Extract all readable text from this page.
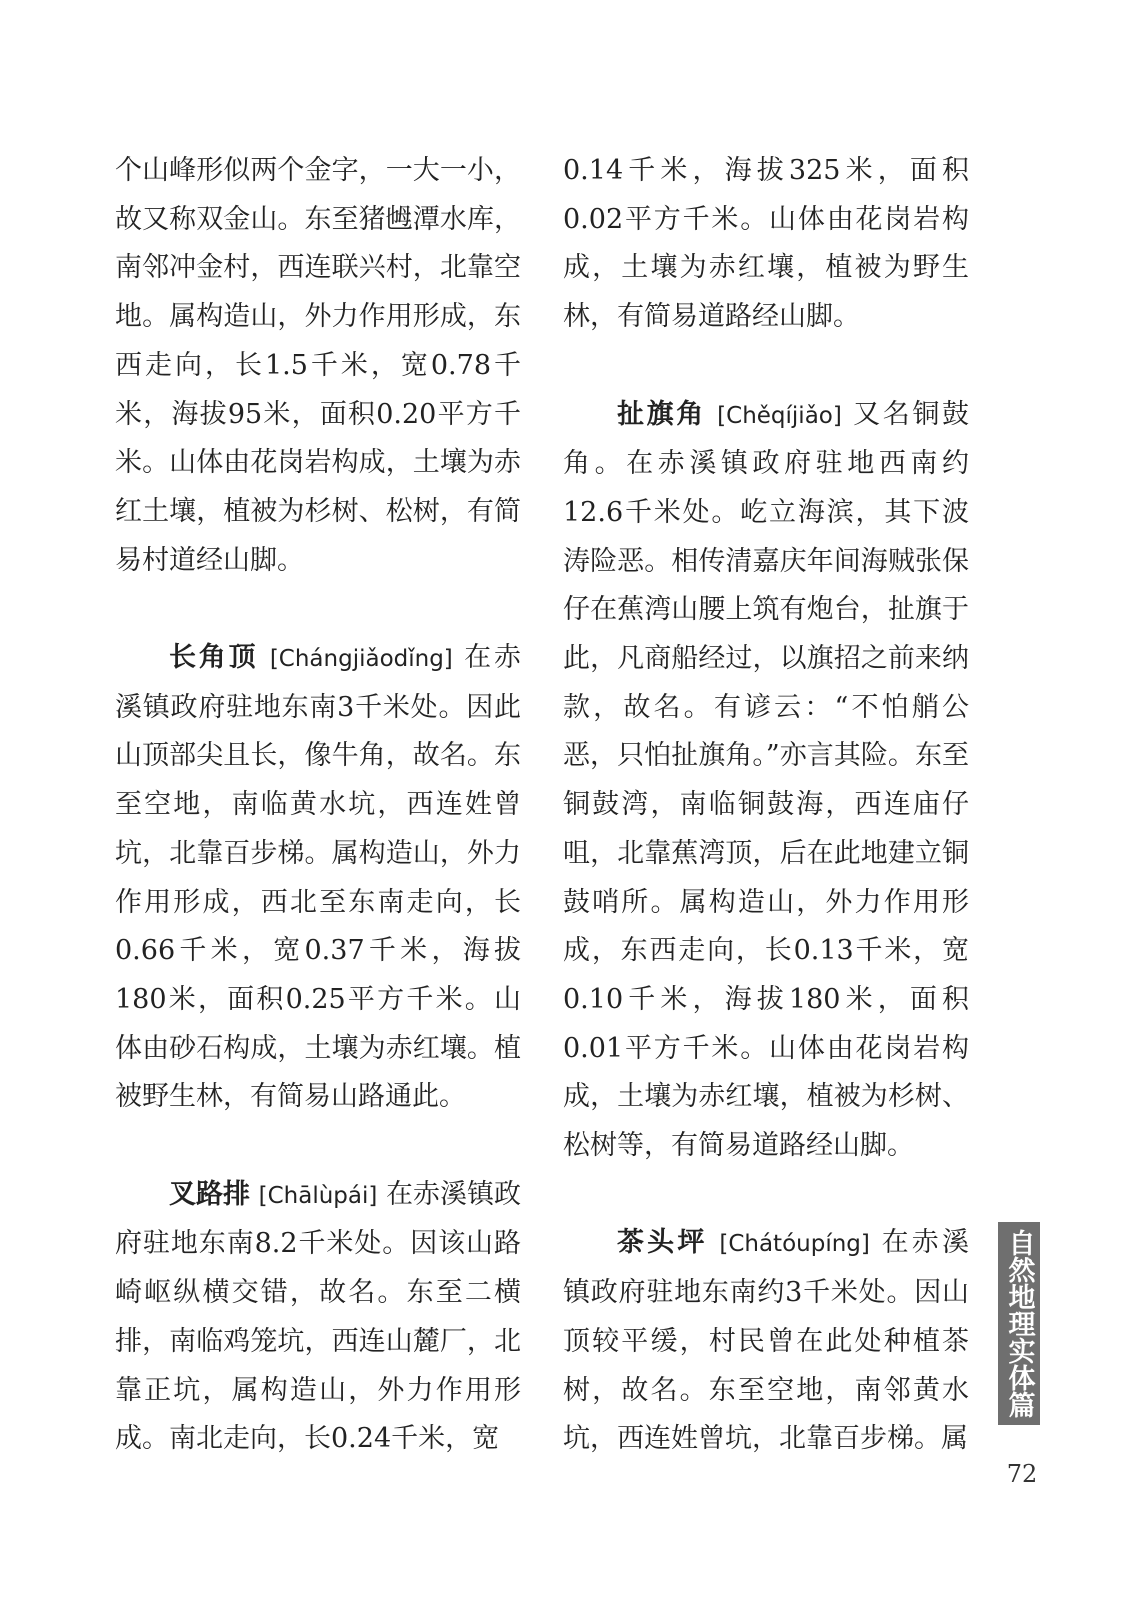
个山峰形似两个金字，一大一小，故又称双金山。东至猪乸潭水库，南邻冲金村，西连联兴村，北靠空地。属构造山，外力作用形成，东西走向，长1.5千米，宽0.78千米，海拔95米，面积0.20平方千米。山体由花岗岩构成，土壤为赤红土壤，植被为杉树、松树，有简易村道经山脚。

长角顶 [Chángjiǎodǐng] 在赤溪镇政府驻地东南3千米处。因此山顶部尖且长，像牛角，故名。东至空地，南临黄水坑，西连姓曾坑，北靠百步梯。属构造山，外力作用形成，西北至东南走向，长0.66千米，宽0.37千米，海拔180米，面积0.25平方千米。山体由砂石构成，土壤为赤红壤。植被野生林，有简易山路通此。

叉路排 [Chālùpái] 在赤溪镇政府驻地东南8.2千米处。因该山路崎岖纵横交错，故名。东至二横排，南临鸡笼坑，西连山麓厂，北靠正坑，属构造山，外力作用形成。南北走向，长0.24千米，宽

0.14千米，海拔325米，面积0.02平方千米。山体由花岗岩构成，土壤为赤红壤，植被为野生林，有简易道路经山脚。

扯旗角 [Chěqíjiǎo] 又名铜鼓角。在赤溪镇政府驻地西南约12.6千米处。屹立海滨，其下波涛险恶。相传清嘉庆年间海贼张保仔在蕉湾山腰上筑有炮台，扯旗于此，凡商船经过，以旗招之前来纳款，故名。有谚云：“不怕艄公恶，只怕扯旗角。”亦言其险。东至铜鼓湾，南临铜鼓海，西连庙仔咀，北靠蕉湾顶，后在此地建立铜鼓哨所。属构造山，外力作用形成，东西走向，长0.13千米，宽0.10千米，海拔180米，面积0.01平方千米。山体由花岗岩构成，土壤为赤红壤，植被为杉树、松树等，有简易道路经山脚。

茶头坪 [Chátóupíng] 在赤溪镇政府驻地东南约3千米处。因山顶较平缓，村民曾在此处种植茶树，故名。东至空地，南邻黄水坑，西连姓曾坑，北靠百步梯。属

自然地理实体篇
72
